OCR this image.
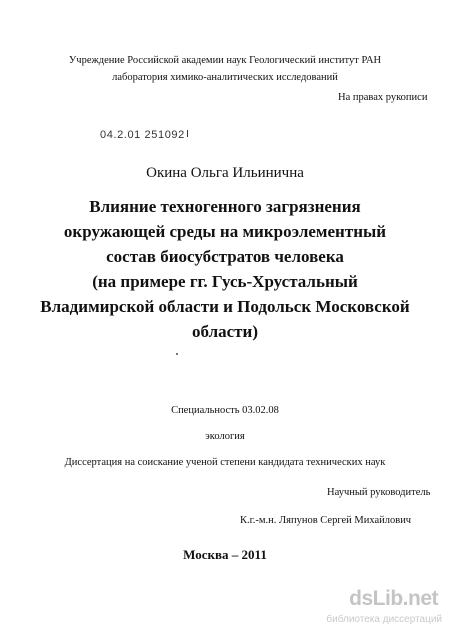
Учреждение Российской академии наук Геологический институт РАН
лаборатория химико-аналитических исследований
На правах рукописи
04.2.01 251092
Окина Ольга Ильинична
Влияние техногенного загрязнения
окружающей среды на микроэлементный
состав биосубстратов человека
(на примере гг. Гусь-Хрустальный
Владимирской области и Подольск Московской
области)
Специальность 03.02.08
экология
Диссертация на соискание ученой степени кандидата технических наук
Научный руководитель
К.г.-м.н. Ляпунов Сергей Михайлович
Москва – 2011
dsLib.net
библиотека диссертаций
